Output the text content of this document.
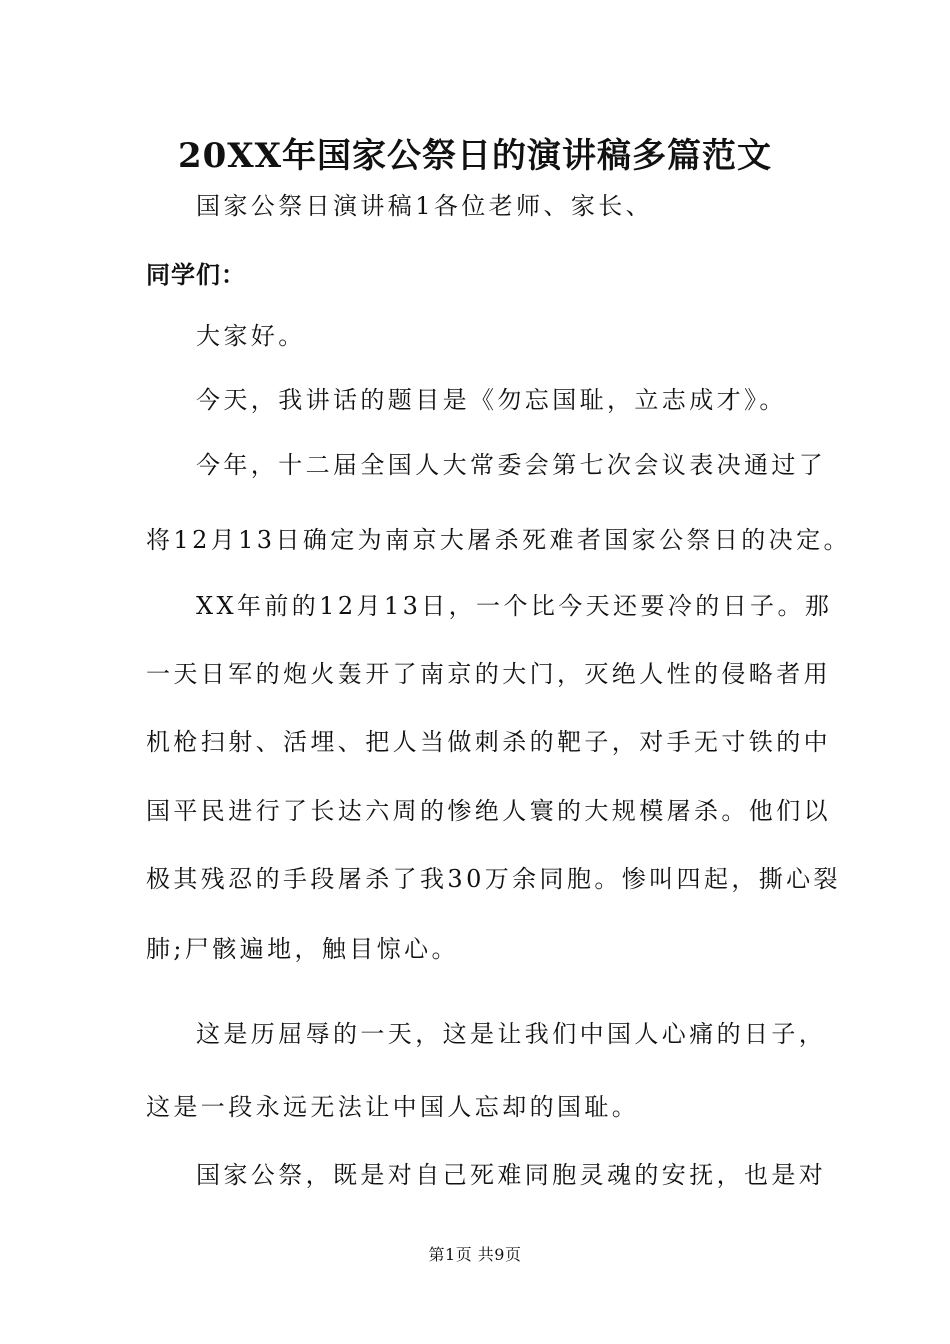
20XX年国家公祭日的演讲稿多篇范文

国家公祭日演讲稿1各位老师、家长、

同学们：

大家好。

今天，我讲话的题目是《勿忘国耻，立志成才》。

今年，十二届全国人大常委会第七次会议表决通过了

将12月13日确定为南京大屠杀死难者国家公祭日的决定。

XX年前的12月13日，一个比今天还要冷的日子。那

一天日军的炮火轰开了南京的大门，灭绝人性的侵略者用

机枪扫射、活埋、把人当做刺杀的靶子，对手无寸铁的中

国平民进行了长达六周的惨绝人寰的大规模屠杀。他们以

极其残忍的手段屠杀了我30万余同胞。惨叫四起，撕心裂

肺;尸骸遍地，触目惊心。

这是历屈辱的一天，这是让我们中国人心痛的日子，

这是一段永远无法让中国人忘却的国耻。

国家公祭，既是对自己死难同胞灵魂的安抚，也是对

第1页 共9页
